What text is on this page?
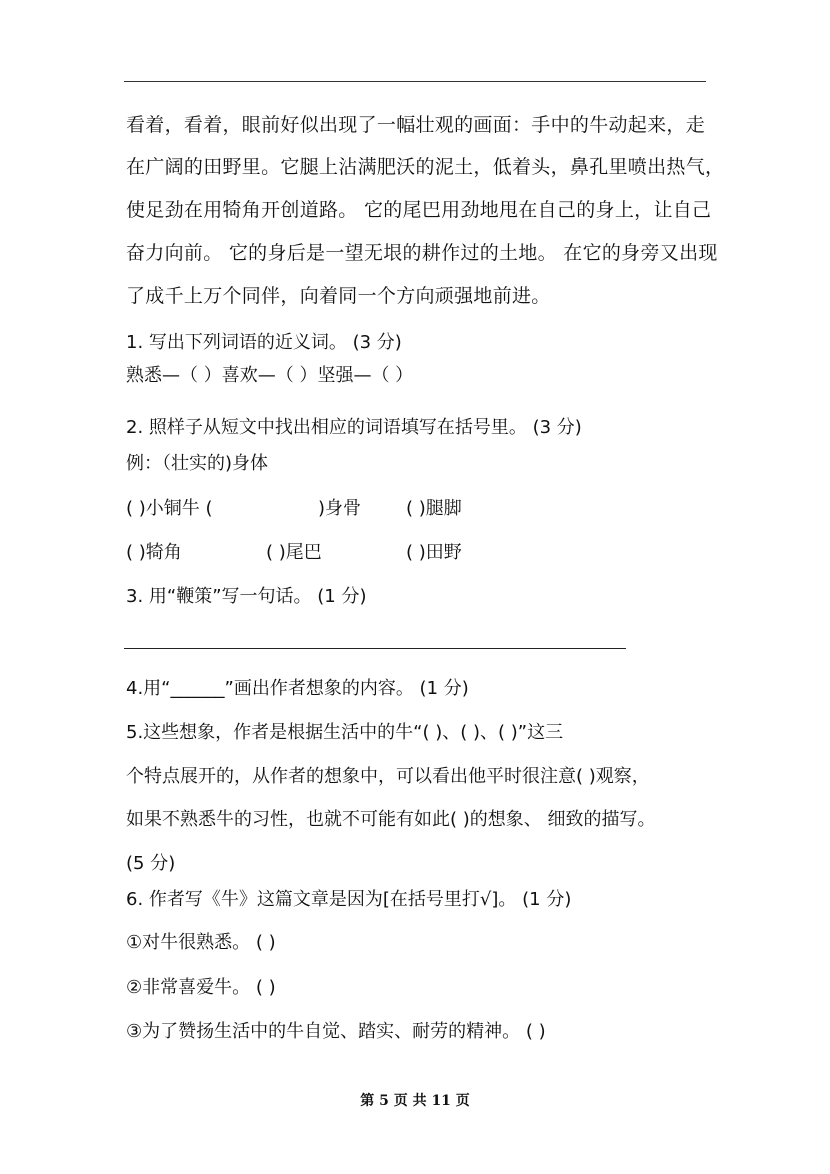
看着，看着，眼前好似出现了一幅壮观的画面：手中的牛动起来，走
在广阔的田野里。它腿上沾满肥沃的泥土，低着头，鼻孔里喷出热气，
使足劲在用犄角开创道路。 它的尾巴用劲地甩在自己的身上，让自己
奋力向前。 它的身后是一望无垠的耕作过的土地。 在它的身旁又出现
了成千上万个同伴，向着同一个方向顽强地前进。
1. 写出下列词语的近义词。 (3 分)
熟悉—（ ）喜欢—（ ）坚强—（ ）
2. 照样子从短文中找出相应的词语填写在括号里。 (3 分)
例：（壮实的)身体
( )小铜牛 (	)身骨 ( )腿脚
( )犄角	( )尾巴	( )田野
3. 用“鞭策”写一句话。 (1 分)
4.用“______”画出作者想象的内容。 (1 分)
5.这些想象，作者是根据生活中的牛“( )、( )、( )”这三
个特点展开的，从作者的想象中，可以看出他平时很注意( )观察，
如果不熟悉牛的习性，也就不可能有如此( )的想象、 细致的描写。
(5 分)
6. 作者写《牛》这篇文章是因为[在括号里打√]。 (1 分)
①对牛很熟悉。 ( )
②非常喜爱牛。 ( )
③为了赞扬生活中的牛自觉、踏实、耐劳的精神。 ( )
第 5 页 共 11 页
